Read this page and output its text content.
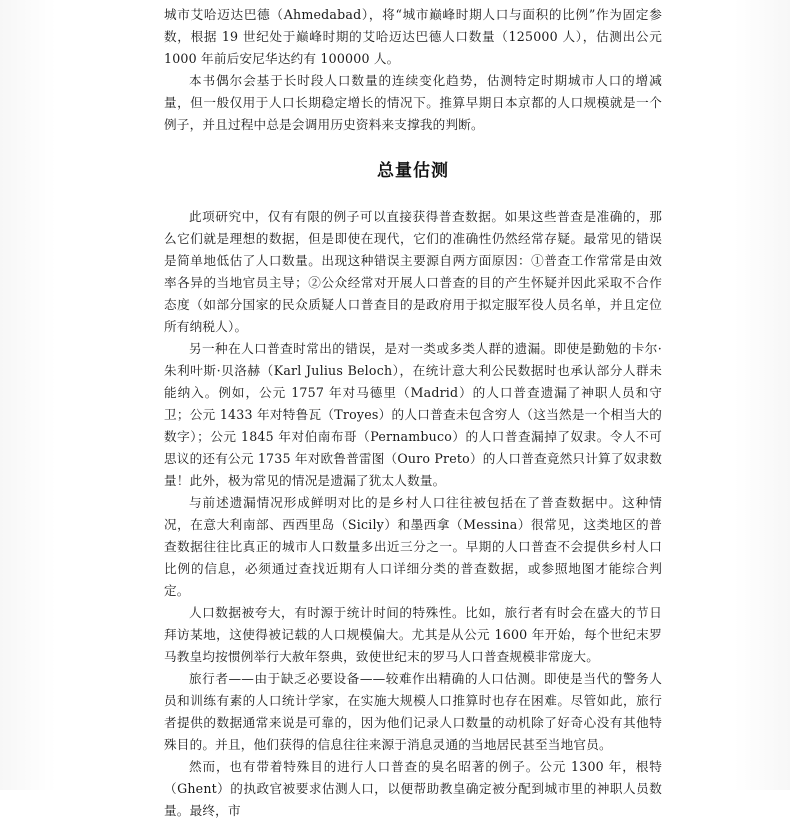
城市艾哈迈达巴德（Ahmedabad），将“城市巅峰时期人口与面积的比例”作为固定参数，根据 19 世纪处于巅峰时期的艾哈迈达巴德人口数量（125000 人），估测出公元 1000 年前后安尼华达约有 100000 人。

本书偶尔会基于长时段人口数量的连续变化趋势，估测特定时期城市人口的增减量，但一般仅用于人口长期稳定增长的情况下。推算早期日本京都的人口规模就是一个例子，并且过程中总是会调用历史资料来支撑我的判断。

总量估测

此项研究中，仅有有限的例子可以直接获得普查数据。如果这些普查是准确的，那么它们就是理想的数据，但是即使在现代，它们的准确性仍然经常存疑。最常见的错误是简单地低估了人口数量。出现这种错误主要源自两方面原因：①普查工作常常是由效率各异的当地官员主导；②公众经常对开展人口普查的目的产生怀疑并因此采取不合作态度（如部分国家的民众质疑人口普查目的是政府用于拟定服军役人员名单，并且定位所有纳税人）。

另一种在人口普查时常出的错误，是对一类或多类人群的遗漏。即使是勤勉的卡尔·朱利叶斯·贝洛赫（Karl Julius Beloch），在统计意大利公民数据时也承认部分人群未能纳入。例如，公元 1757 年对马德里（Madrid）的人口普查遗漏了神职人员和守卫；公元 1433 年对特鲁瓦（Troyes）的人口普查未包含穷人（这当然是一个相当大的数字）；公元 1845 年对伯南布哥（Pernambuco）的人口普查漏掉了奴隶。令人不可思议的还有公元 1735 年对欧鲁普雷图（Ouro Preto）的人口普查竟然只计算了奴隶数量！此外，极为常见的情况是遗漏了犹太人数量。

与前述遗漏情况形成鲜明对比的是乡村人口往往被包括在了普查数据中。这种情况，在意大利南部、西西里岛（Sicily）和墨西拿（Messina）很常见，这类地区的普查数据往往比真正的城市人口数量多出近三分之一。早期的人口普查不会提供乡村人口比例的信息，必须通过查找近期有人口详细分类的普查数据，或参照地图才能综合判定。

人口数据被夸大，有时源于统计时间的特殊性。比如，旅行者有时会在盛大的节日拜访某地，这使得被记载的人口规模偏大。尤其是从公元 1600 年开始，每个世纪末罗马教皇均按惯例举行大赦年祭典，致使世纪末的罗马人口普查规模非常庞大。

旅行者——由于缺乏必要设备——较难作出精确的人口估测。即使是当代的警务人员和训练有素的人口统计学家，在实施大规模人口推算时也存在困难。尽管如此，旅行者提供的数据通常来说是可靠的，因为他们记录人口数量的动机除了好奇心没有其他特殊目的。并且，他们获得的信息往往来源于消息灵通的当地居民甚至当地官员。

然而，也有带着特殊目的进行人口普查的臭名昭著的例子。公元 1300 年，根特（Ghent）的执政官被要求估测人口，以便帮助教皇确定被分配到城市里的神职人员数量。最终，市
